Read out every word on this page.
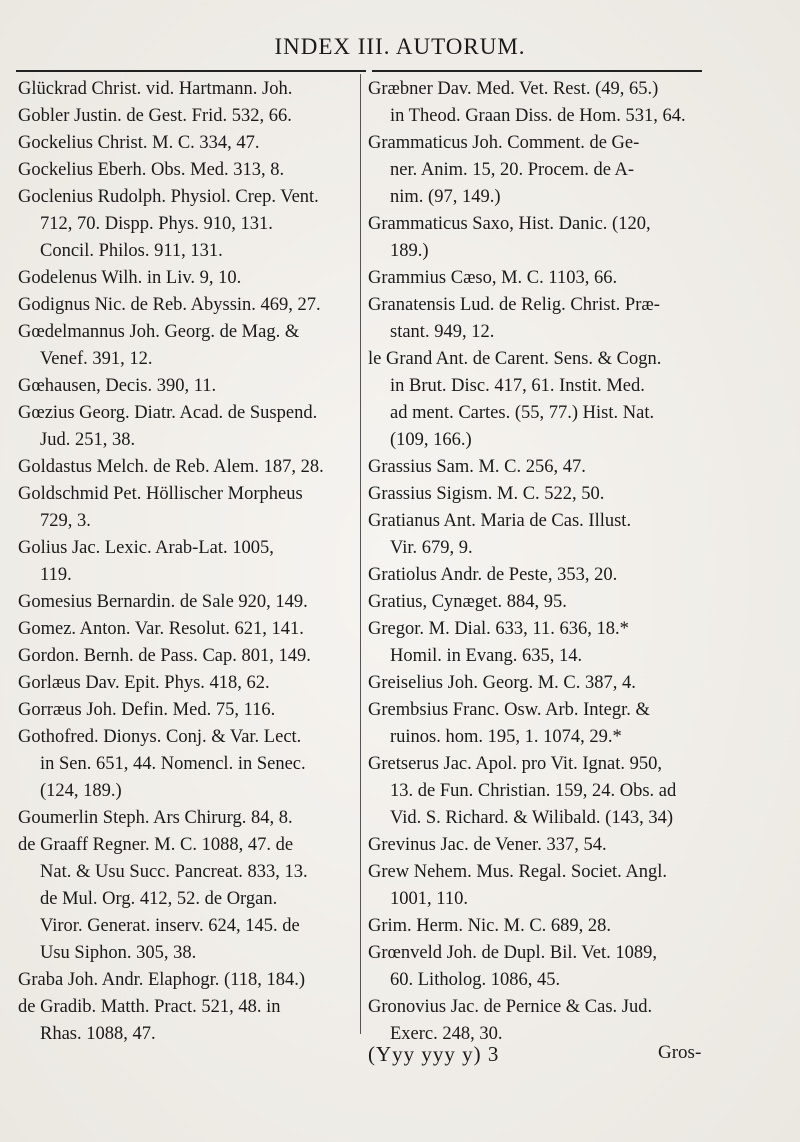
INDEX III. AUTORUM.
Glückrad Christ. vid. Hartmann. Joh.
Gobler Justin. de Gest. Frid. 532, 66.
Gockelius Christ. M. C. 334, 47.
Gockelius Eberh. Obs. Med. 313, 8.
Goclenius Rudolph. Physiol. Crep. Vent.
712, 70. Dispp. Phys. 910, 131.
Concil. Philos. 911, 131.
Godelenus Wilh. in Liv. 9, 10.
Godignus Nic. de Reb. Abyssin. 469, 27.
Gœdelmannus Joh. Georg. de Mag. &
Venef. 391, 12.
Gœhausen, Decis. 390, 11.
Gœzius Georg. Diatr. Acad. de Suspend.
Jud. 251, 38.
Goldastus Melch. de Reb. Alem. 187, 28.
Goldschmid Pet. Höllischer Morpheus
729, 3.
Golius Jac. Lexic. Arab-Lat. 1005,
119.
Gomesius Bernardin. de Sale 920, 149.
Gomez. Anton. Var. Resolut. 621, 141.
Gordon. Bernh. de Pass. Cap. 801, 149.
Gorlæus Dav. Epit. Phys. 418, 62.
Gorræus Joh. Defin. Med. 75, 116.
Gothofred. Dionys. Conj. & Var. Lect.
in Sen. 651, 44. Nomencl. in Senec.
(124, 189.)
Goumerlin Steph. Ars Chirurg. 84, 8.
de Graaff Regner. M. C. 1088, 47. de
Nat. & Usu Succ. Pancreat. 833, 13.
de Mul. Org. 412, 52. de Organ.
Viror. Generat. inserv. 624, 145. de
Usu Siphon. 305, 38.
Graba Joh. Andr. Elaphogr. (118, 184.)
de Gradib. Matth. Pract. 521, 48. in
Rhas. 1088, 47.
Græbner Dav. Med. Vet. Rest. (49, 65.)
in Theod. Graan Diss. de Hom. 531, 64.
Grammaticus Joh. Comment. de Ge-
ner. Anim. 15, 20. Procem. de A-
nim. (97, 149.)
Grammaticus Saxo, Hist. Danic. (120,
189.)
Grammius Cæso, M. C. 1103, 66.
Granatensis Lud. de Relig. Christ. Præ-
stant. 949, 12.
le Grand Ant. de Carent. Sens. & Cogn.
in Brut. Disc. 417, 61. Instit. Med.
ad ment. Cartes. (55, 77.) Hist. Nat.
(109, 166.)
Grassius Sam. M. C. 256, 47.
Grassius Sigism. M. C. 522, 50.
Gratianus Ant. Maria de Cas. Illust.
Vir. 679, 9.
Gratiolus Andr. de Peste, 353, 20.
Gratius, Cynæget. 884, 95.
Gregor. M. Dial. 633, 11. 636, 18.*
Homil. in Evang. 635, 14.
Greiselius Joh. Georg. M. C. 387, 4.
Grembsius Franc. Osw. Arb. Integr. &
ruinos. hom. 195, 1. 1074, 29.*
Gretserus Jac. Apol. pro Vit. Ignat. 950,
13. de Fun. Christian. 159, 24. Obs. ad
Vid. S. Richard. & Wilibald. (143, 34)
Grevinus Jac. de Vener. 337, 54.
Grew Nehem. Mus. Regal. Societ. Angl.
1001, 110.
Grim. Herm. Nic. M. C. 689, 28.
Grœnveld Joh. de Dupl. Bil. Vet. 1089,
60. Litholog. 1086, 45.
Gronovius Jac. de Pernice & Cas. Jud.
Exerc. 248, 30.
(Yyy yyy y) 3	Gros-
